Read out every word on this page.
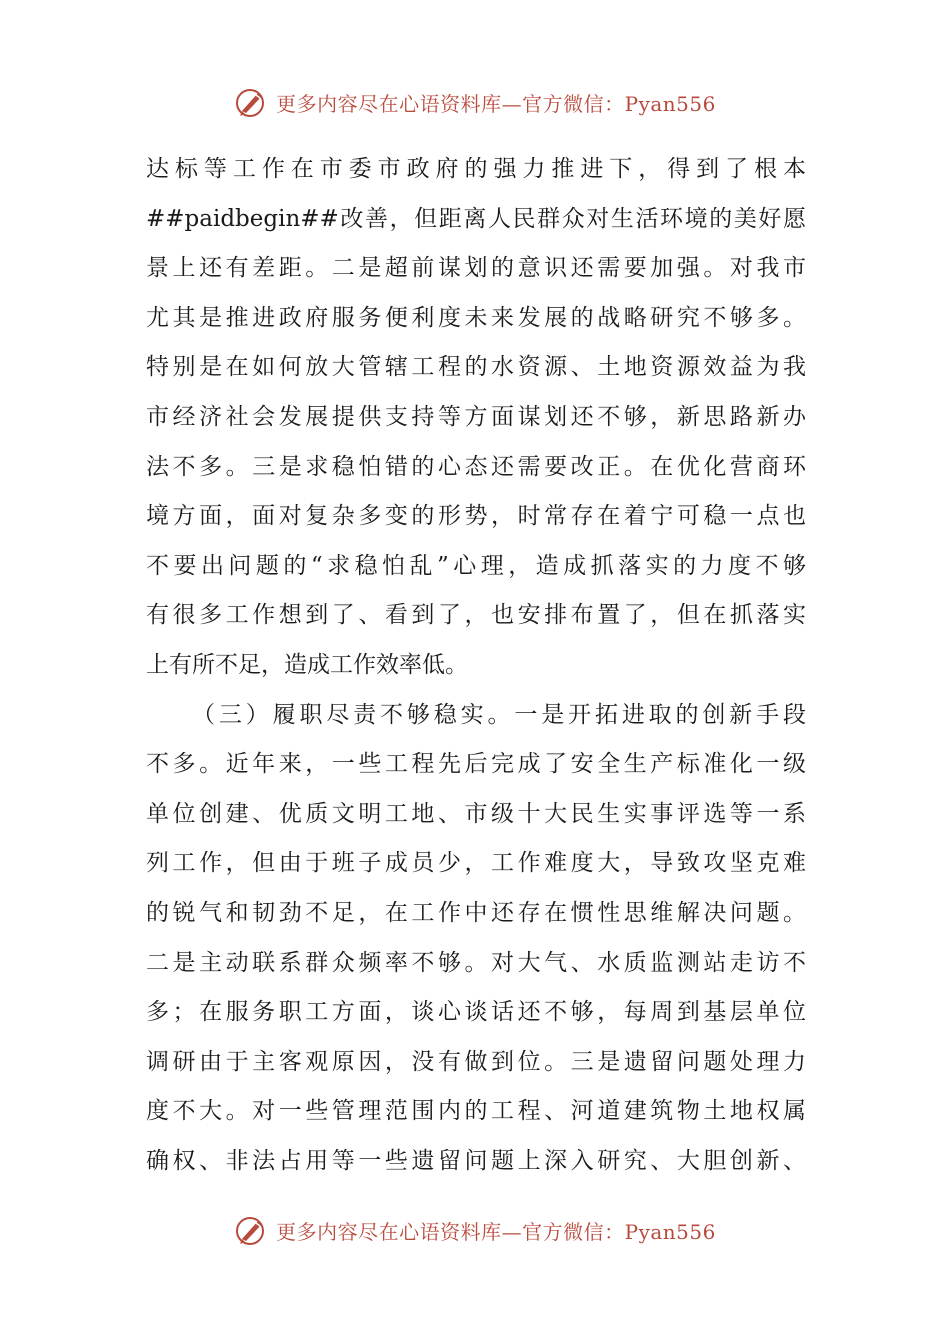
更多内容尽在心语资料库—官方微信：Pyan556
达标等工作在市委市政府的强力推进下，得到了根本
##paidbegin##改善，但距离人民群众对生活环境的美好愿
景上还有差距。二是超前谋划的意识还需要加强。对我市
尤其是推进政府服务便利度未来发展的战略研究不够多。
特别是在如何放大管辖工程的水资源、土地资源效益为我
市经济社会发展提供支持等方面谋划还不够，新思路新办
法不多。三是求稳怕错的心态还需要改正。在优化营商环
境方面，面对复杂多变的形势，时常存在着宁可稳一点也
不要出问题的“求稳怕乱”心理，造成抓落实的力度不够
有很多工作想到了、看到了，也安排布置了，但在抓落实
上有所不足，造成工作效率低。
（三）履职尽责不够稳实。一是开拓进取的创新手段
不多。近年来，一些工程先后完成了安全生产标准化一级
单位创建、优质文明工地、市级十大民生实事评选等一系
列工作，但由于班子成员少，工作难度大，导致攻坚克难
的锐气和韧劲不足，在工作中还存在惯性思维解决问题。
二是主动联系群众频率不够。对大气、水质监测站走访不
多；在服务职工方面，谈心谈话还不够，每周到基层单位
调研由于主客观原因，没有做到位。三是遗留问题处理力
度不大。对一些管理范围内的工程、河道建筑物土地权属
确权、非法占用等一些遗留问题上深入研究、大胆创新、
更多内容尽在心语资料库—官方微信：Pyan556
